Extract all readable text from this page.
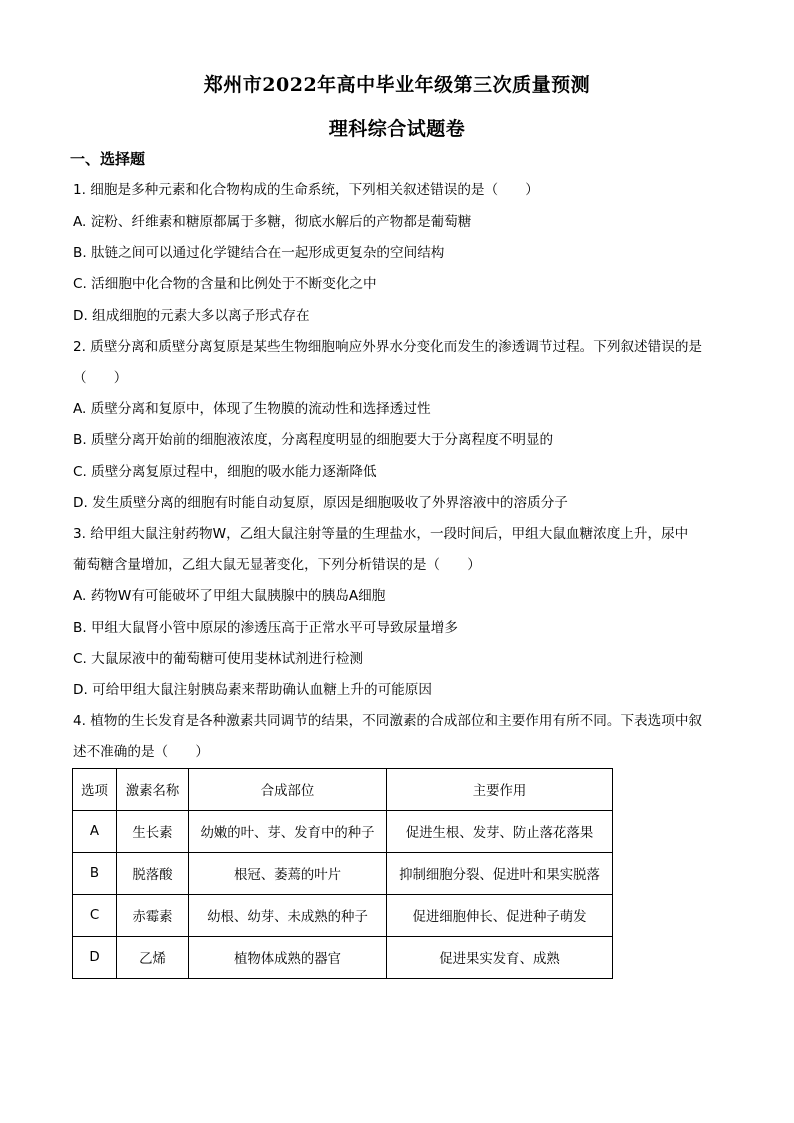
郑州市2022年高中毕业年级第三次质量预测
理科综合试题卷
一、选择题
1. 细胞是多种元素和化合物构成的生命系统，下列相关叙述错误的是（　　）
A. 淀粉、纤维素和糖原都属于多糖，彻底水解后的产物都是葡萄糖
B. 肽链之间可以通过化学键结合在一起形成更复杂的空间结构
C. 活细胞中化合物的含量和比例处于不断变化之中
D. 组成细胞的元素大多以离子形式存在
2. 质壁分离和质壁分离复原是某些生物细胞响应外界水分变化而发生的渗透调节过程。下列叙述错误的是
（　　）
A. 质壁分离和复原中，体现了生物膜的流动性和选择透过性
B. 质壁分离开始前的细胞液浓度，分离程度明显的细胞要大于分离程度不明显的
C. 质壁分离复原过程中，细胞的吸水能力逐渐降低
D. 发生质壁分离的细胞有时能自动复原，原因是细胞吸收了外界溶液中的溶质分子
3. 给甲组大鼠注射药物W，乙组大鼠注射等量的生理盐水，一段时间后，甲组大鼠血糖浓度上升，尿中
葡萄糖含量增加，乙组大鼠无显著变化，下列分析错误的是（　　）
A. 药物W有可能破坏了甲组大鼠胰腺中的胰岛A细胞
B. 甲组大鼠肾小管中原尿的渗透压高于正常水平可导致尿量增多
C. 大鼠尿液中的葡萄糖可使用斐林试剂进行检测
D. 可给甲组大鼠注射胰岛素来帮助确认血糖上升的可能原因
4. 植物的生长发育是各种激素共同调节的结果，不同激素的合成部位和主要作用有所不同。下表选项中叙
述不准确的是（　　）
选项	激素名称	合成部位	主要作用
A	生长素	幼嫩的叶、芽、发育中的种子	促进生根、发芽、防止落花落果
B	脱落酸	根冠、萎蔫的叶片	抑制细胞分裂、促进叶和果实脱落
C	赤霉素	幼根、幼芽、未成熟的种子	促进细胞伸长、促进种子萌发
D	乙烯	植物体成熟的器官	促进果实发育、成熟
